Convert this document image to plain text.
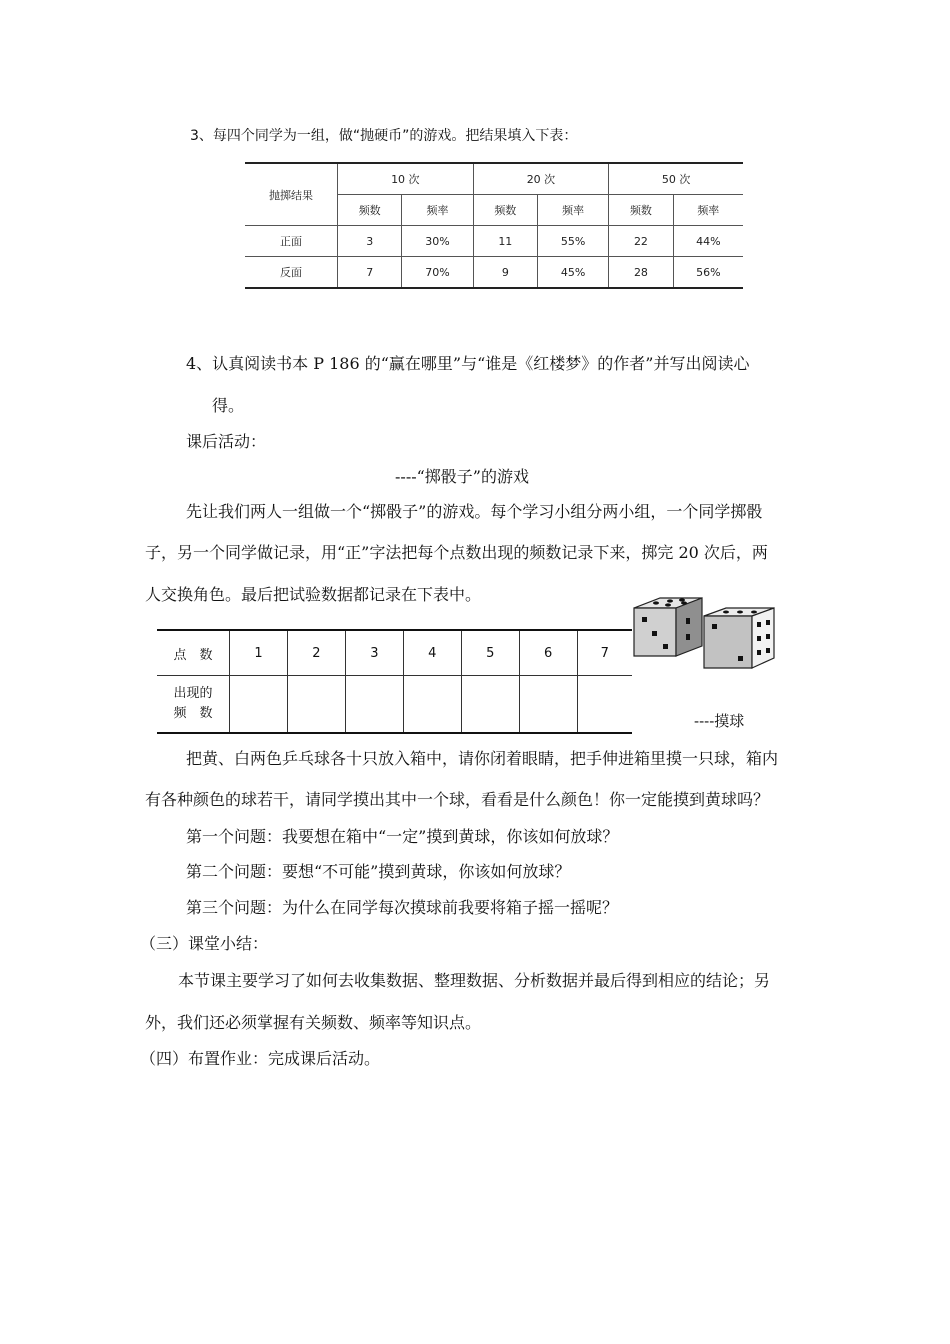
3、每四个同学为一组，做“抛硬币”的游戏。把结果填入下表：
抛掷结果	10 次		20 次		50 次	
	频数	频率	频数	频率	频数	频率
正面	3	30%	11	55%	22	44%
反面	7	70%	9	45%	28	56%
4、认真阅读书本 P 186 的“赢在哪里”与“谁是《红楼梦》的作者”并写出阅读心
得。
课后活动：
----“掷骰子”的游戏
先让我们两人一组做一个“掷骰子”的游戏。每个学习小组分两小组，一个同学掷骰
子，另一个同学做记录，用“正”字法把每个点数出现的频数记录下来，掷完 20 次后，两
人交换角色。最后把试验数据都记录在下表中。
点　数	1	2	3	4	5	6	7

出现的
频　数							
								----摸球
把黄、白两色乒乓球各十只放入箱中，请你闭着眼睛，把手伸进箱里摸一只球，箱内
有各种颜色的球若干，请同学摸出其中一个球，看看是什么颜色！你一定能摸到黄球吗？
第一个问题：我要想在箱中“一定”摸到黄球，你该如何放球？
第二个问题：要想“不可能”摸到黄球，你该如何放球？
第三个问题：为什么在同学每次摸球前我要将箱子摇一摇呢？
（三）课堂小结：
本节课主要学习了如何去收集数据、整理数据、分析数据并最后得到相应的结论；另
外，我们还必须掌握有关频数、频率等知识点。
（四）布置作业：完成课后活动。
